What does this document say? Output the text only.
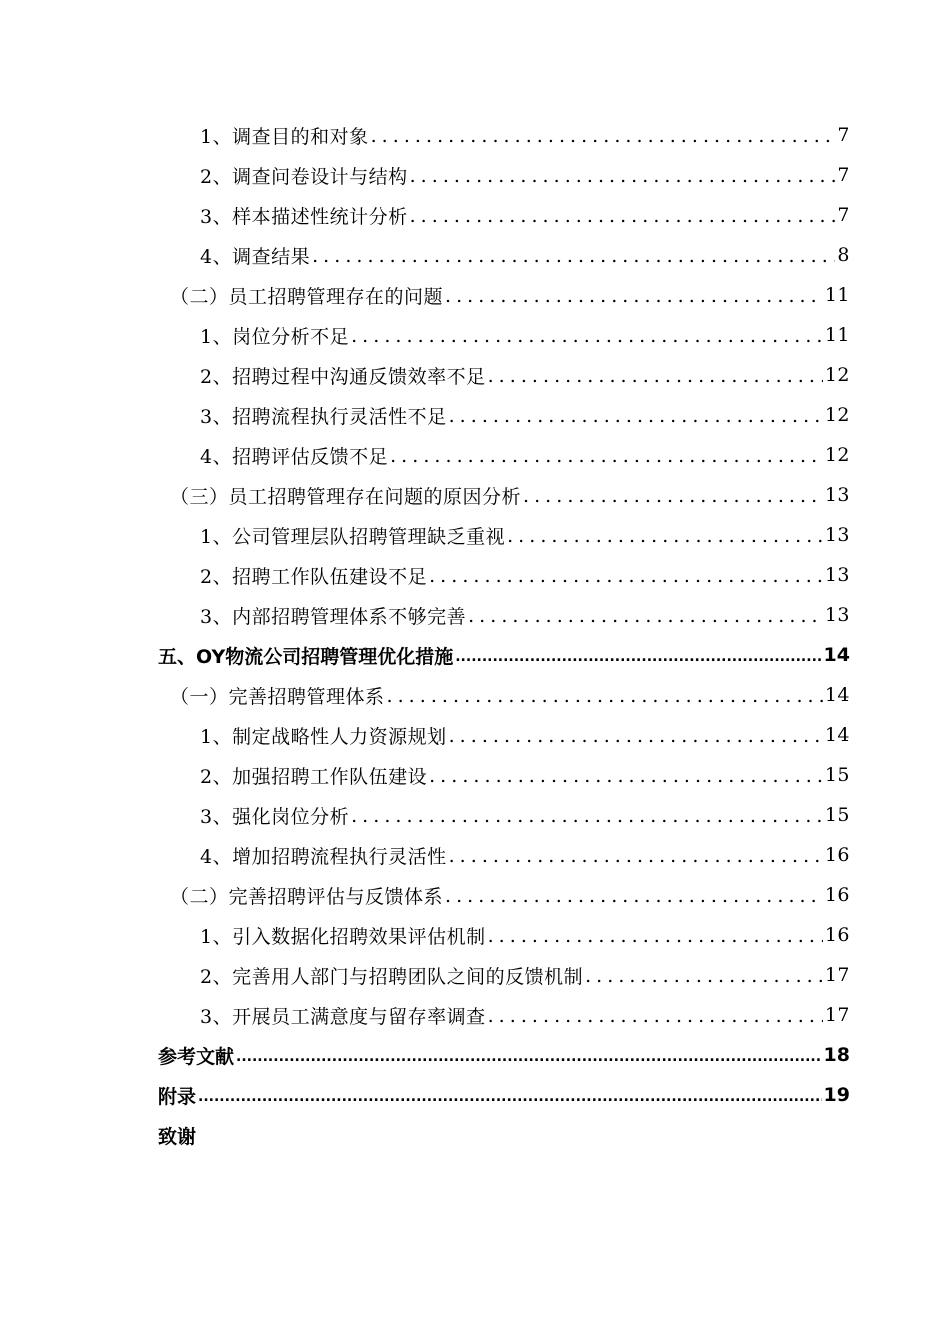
1、调查目的和对象 . . .	7
2、调查问卷设计与结构 . . .	7
3、样本描述性统计分析 . . .	7
4、调查结果 . . .	8
（二）员工招聘管理存在的问题 . . .	11
1、岗位分析不足 . . .	11
2、招聘过程中沟通反馈效率不足 . . .	12
3、招聘流程执行灵活性不足 . . .	12
4、招聘评估反馈不足 . . .	12
（三）员工招聘管理存在问题的原因分析 . . .	13
1、公司管理层队招聘管理缺乏重视 . . .	13
2、招聘工作队伍建设不足 . . .	13
3、内部招聘管理体系不够完善 . . .	13
五、OY物流公司招聘管理优化措施 .....	14
（一）完善招聘管理体系 . . .	14
1、制定战略性人力资源规划 . . .	14
2、加强招聘工作队伍建设 . . .	15
3、强化岗位分析 . . .	15
4、增加招聘流程执行灵活性 . . .	16
（二）完善招聘评估与反馈体系 . . .	16
1、引入数据化招聘效果评估机制 . . .	16
2、完善用人部门与招聘团队之间的反馈机制 . . .	17
3、开展员工满意度与留存率调查 . . .	17
参考文献 .....	18
附录 .....	19
致谢
